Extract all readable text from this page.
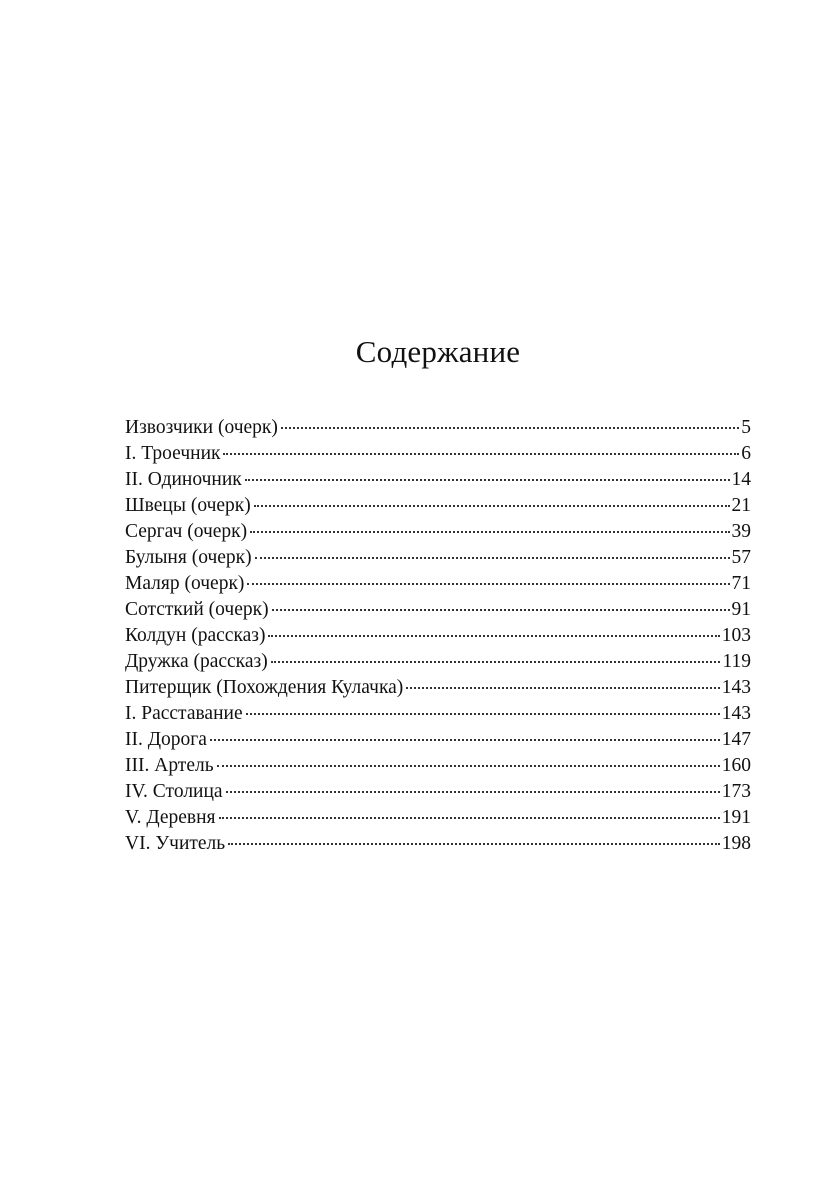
Содержание
Извозчики (очерк)	5
I. Троечник	6
II. Одиночник	14
Швецы (очерк)	21
Сергач (очерк)	39
Булыня (очерк)	57
Маляр (очерк)	71
Сотсткий (очерк)	91
Колдун (рассказ)	103
Дружка (рассказ)	119
Питерщик (Похождения Кулачка)	143
I. Расставание	143
II. Дорога	147
III. Артель	160
IV. Столица	173
V. Деревня	191
VI. Учитель	198
